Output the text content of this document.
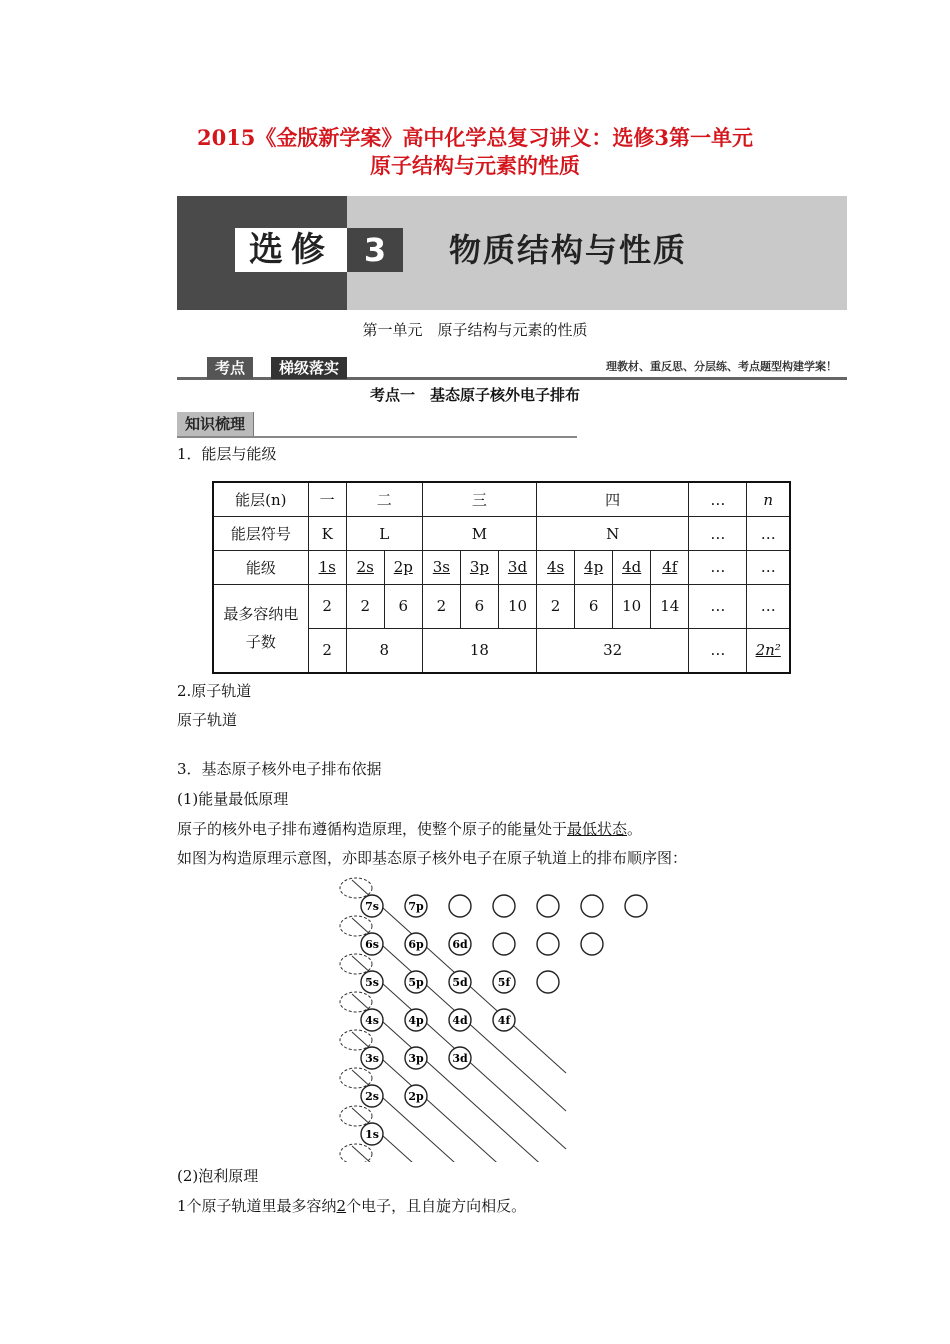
2015《金版新学案》高中化学总复习讲义：选修3第一单元
原子结构与元素的性质
选修 3	物质结构与性质
第一单元　原子结构与元素的性质
考点	梯级落实	理教材、重反思、分层练、考点题型构建学案！
考点一　基态原子核外电子排布
知识梳理
1．能层与能级
能层(n)	一	二		三			四				…	n
能层符号	K	L		M			N				…	…
能级	1s	2s	2p	3s	3p	3d	4s	4p	4d	4f	…	…
最多容纳电子数	2	2	6	2	6	10	2	6	10	14	…	…
	2	8		18			32				…	2n²
2.原子轨道
原子轨道
3．基态原子核外电子排布依据
(1)能量最低原理
原子的核外电子排布遵循构造原理，使整个原子的能量处于最低状态。
如图为构造原理示意图，亦即基态原子核外电子在原子轨道上的排布顺序图：
7s	7p
6s	6p	6d
5s	5p	5d	5f
4s	4p	4d	4f
3s	3p	3d
2s	2p
1s
(2)泡利原理
1个原子轨道里最多容纳2个电子，且自旋方向相反。
